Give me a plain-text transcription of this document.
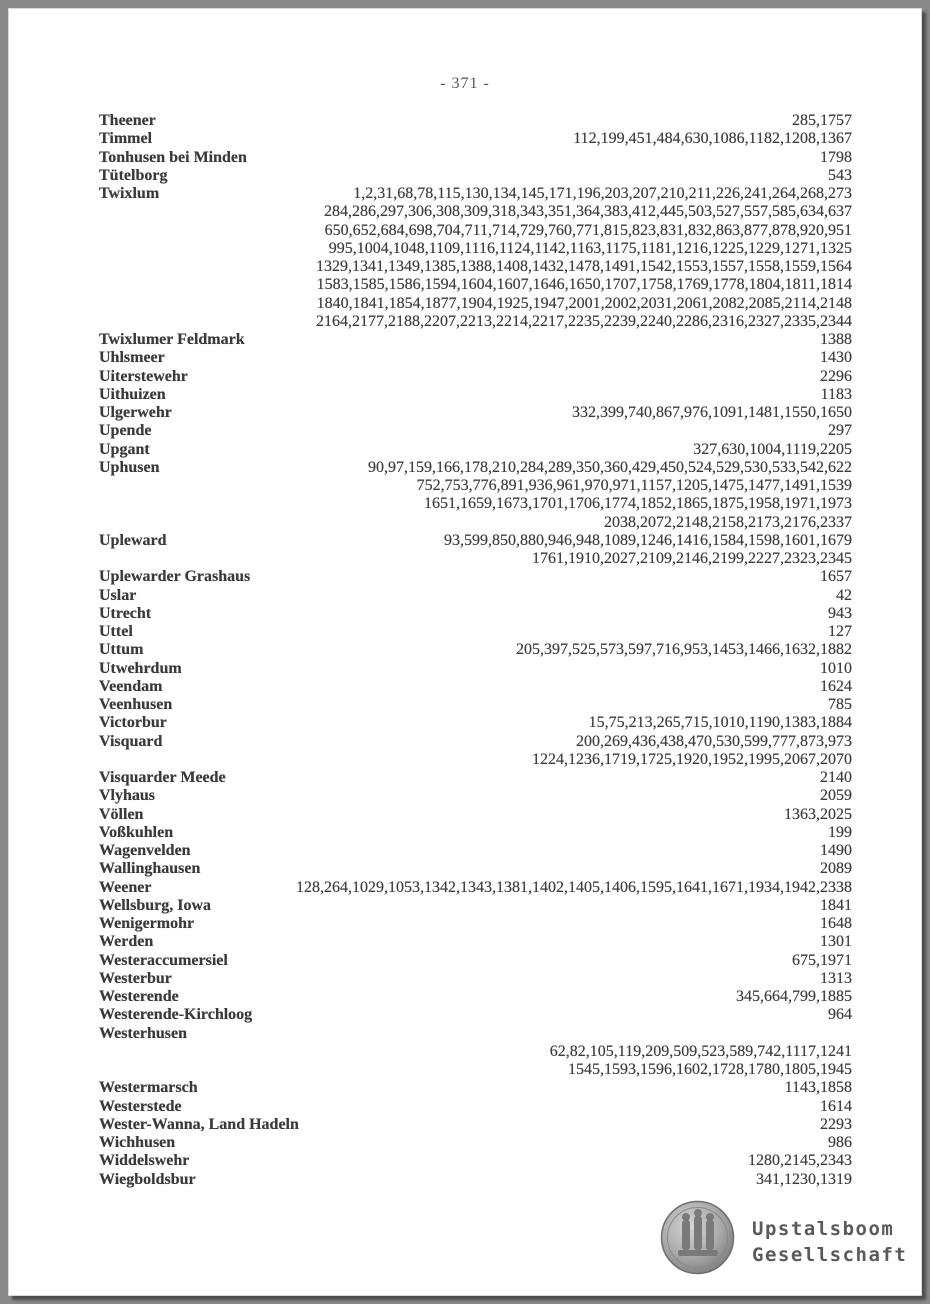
- 371 -
Theener	285,1757
Timmel	112,199,451,484,630,1086,1182,1208,1367
Tonhusen bei Minden	1798
Tütelborg	543
Twixlum	1,2,31,68,78,115,130,134,145,171,196,203,207,210,211,226,241,264,268,273
284,286,297,306,308,309,318,343,351,364,383,412,445,503,527,557,585,634,637
650,652,684,698,704,711,714,729,760,771,815,823,831,832,863,877,878,920,951
995,1004,1048,1109,1116,1124,1142,1163,1175,1181,1216,1225,1229,1271,1325
1329,1341,1349,1385,1388,1408,1432,1478,1491,1542,1553,1557,1558,1559,1564
1583,1585,1586,1594,1604,1607,1646,1650,1707,1758,1769,1778,1804,1811,1814
1840,1841,1854,1877,1904,1925,1947,2001,2002,2031,2061,2082,2085,2114,2148
2164,2177,2188,2207,2213,2214,2217,2235,2239,2240,2286,2316,2327,2335,2344
Twixlumer Feldmark	1388
Uhlsmeer	1430
Uiterstewehr	2296
Uithuizen	1183
Ulgerwehr	332,399,740,867,976,1091,1481,1550,1650
Upende	297
Upgant	327,630,1004,1119,2205
Uphusen	90,97,159,166,178,210,284,289,350,360,429,450,524,529,530,533,542,622
752,753,776,891,936,961,970,971,1157,1205,1475,1477,1491,1539
1651,1659,1673,1701,1706,1774,1852,1865,1875,1958,1971,1973
2038,2072,2148,2158,2173,2176,2337
Upleward	93,599,850,880,946,948,1089,1246,1416,1584,1598,1601,1679
1761,1910,2027,2109,2146,2199,2227,2323,2345
Uplewarder Grashaus	1657
Uslar	42
Utrecht	943
Uttel	127
Uttum	205,397,525,573,597,716,953,1453,1466,1632,1882
Utwehrdum	1010
Veendam	1624
Veenhusen	785
Victorbur	15,75,213,265,715,1010,1190,1383,1884
Visquard	200,269,436,438,470,530,599,777,873,973
1224,1236,1719,1725,1920,1952,1995,2067,2070
Visquarder Meede	2140
Vlyhaus	2059
Völlen	1363,2025
Voßkuhlen	199
Wagenvelden	1490
Wallinghausen	2089
Weener	128,264,1029,1053,1342,1343,1381,1402,1405,1406,1595,1641,1671,1934,1942,2338
Wellsburg, Iowa	1841
Wenigermohr	1648
Werden	1301
Westeraccumersiel	675,1971
Westerbur	1313
Westerende	345,664,799,1885
Westerende-Kirchloog	964
Westerhusen
62,82,105,119,209,509,523,589,742,1117,1241
1545,1593,1596,1602,1728,1780,1805,1945
Westermarsch	1143,1858
Westerstede	1614
Wester-Wanna, Land Hadeln	2293
Wichhusen	986
Widdelswehr	1280,2145,2343
Wiegboldsbur	341,1230,1319
Upstalsboom
Gesellschaft
